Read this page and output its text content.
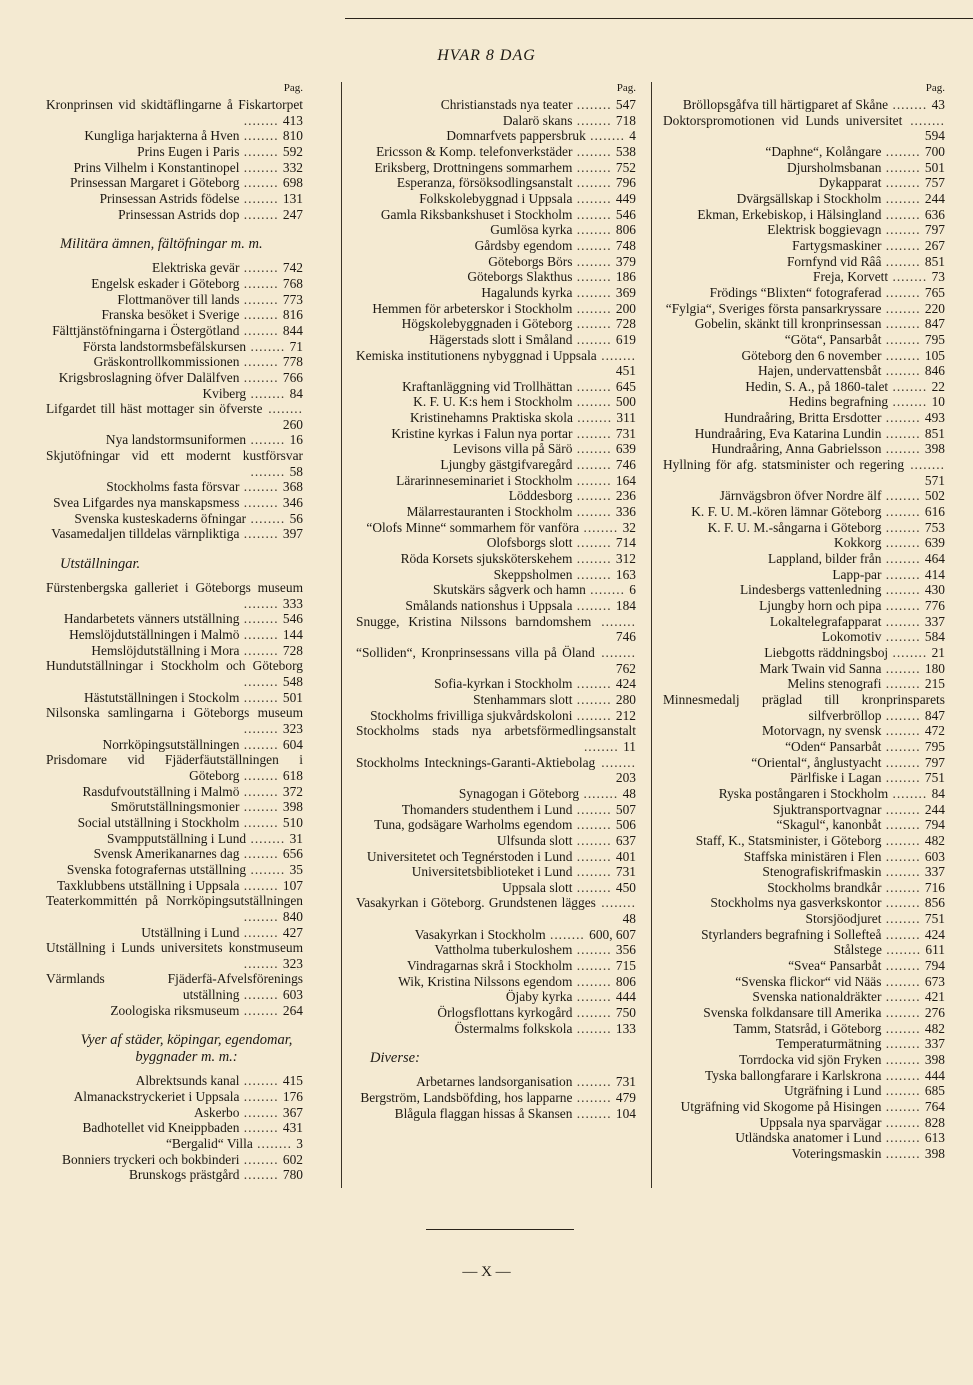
HVAR 8 DAG
Pag.
Kronprinsen vid skidtäflingarne å Fiskartorpet ........ 413
Kungliga harjakterna å Hven ........ 810
Prins Eugen i Paris ........ 592
Prins Vilhelm i Konstantinopel ........ 332
Prinsessan Margaret i Göteborg ........ 698
Prinsessan Astrids födelse ........ 131
Prinsessan Astrids dop ........ 247
Militära ämnen, fältöfningar m. m.
Elektriska gevär ........ 742
Engelsk eskader i Göteborg ........ 768
Flottmanöver till lands ........ 773
Franska besöket i Sverige ........ 816
Fälttjänstöfningarna i Östergötland ........ 844
Första landstormsbefälskursen ........ 71
Gräskontrollkommissionen ........ 778
Krigsbroslagning öfver Dalälfven ........ 766
Kviberg ........ 84
Lifgardet till häst mottager sin öfverste ........ 260
Nya landstormsuniformen ........ 16
Skjutöfningar vid ett modernt kustförsvar ........ 58
Stockholms fasta försvar ........ 368
Svea Lifgardes nya manskapsmess ........ 346
Svenska kusteskaderns öfningar ........ 56
Vasamedaljen tilldelas värnpliktiga ........ 397
Utställningar.
Fürstenbergska galleriet i Göteborgs museum ........ 333
Handarbetets vänners utställning ........ 546
Hemslöjdutställningen i Malmö ........ 144
Hemslöjdutställning i Mora ........ 728
Hundutställningar i Stockholm och Göteborg ........ 548
Hästutställningen i Stockolm ........ 501
Nilsonska samlingarna i Göteborgs museum ........ 323
Norrköpingsutställningen ........ 604
Prisdomare vid Fjäderfäutställningen i Göteborg ........ 618
Rasdufvoutställning i Malmö ........ 372
Smörutställningsmonier ........ 398
Social utställning i Stockholm ........ 510
Svampputställning i Lund ........ 31
Svensk Amerikanarnes dag ........ 656
Svenska fotografernas utställning ........ 35
Taxklubbens utställning i Uppsala ........ 107
Teaterkommittén på Norrköpingsutställningen ........ 840
Utställning i Lund ........ 427
Utställning i Lunds universitets konstmuseum ........ 323
Värmlands Fjäderfä-Afvelsförenings utställning ........ 603
Zoologiska riksmuseum ........ 264
Vyer af städer, köpingar, egendomar, byggnader m. m.:
Albrektsunds kanal ........ 415
Almanackstryckeriet i Uppsala ........ 176
Askerbo ........ 367
Badhotellet vid Kneippbaden ........ 431
“Bergalid“ Villa ........ 3
Bonniers tryckeri och bokbinderi ........ 602
Brunskogs prästgård ........ 780
Pag.
Christianstads nya teater ........ 547
Dalarö skans ........ 718
Domnarfvets pappersbruk ........ 4
Ericsson & Komp. telefonverkstäder ........ 538
Eriksberg, Drottningens sommarhem ........ 752
Esperanza, försöksodlingsanstalt ........ 796
Folkskolebyggnad i Uppsala ........ 449
Gamla Riksbankshuset i Stockholm ........ 546
Gumlösa kyrka ........ 806
Gårdsby egendom ........ 748
Göteborgs Börs ........ 379
Göteborgs Slakthus ........ 186
Hagalunds kyrka ........ 369
Hemmen för arbeterskor i Stockholm ........ 200
Högskolebyggnaden i Göteborg ........ 728
Hägerstads slott i Småland ........ 619
Kemiska institutionens nybyggnad i Uppsala ........ 451
Kraftanläggning vid Trollhättan ........ 645
K. F. U. K:s hem i Stockholm ........ 500
Kristinehamns Praktiska skola ........ 311
Kristine kyrkas i Falun nya portar ........ 731
Levisons villa på Särö ........ 639
Ljungby gästgifvaregård ........ 746
Lärarinneseminariet i Stockholm ........ 164
Löddesborg ........ 236
Mälarrestauranten i Stockholm ........ 336
“Olofs Minne“ sommarhem för vanföra ........ 32
Olofsborgs slott ........ 714
Röda Korsets sjuksköterskehem ........ 312
Skeppsholmen ........ 163
Skutskärs sågverk och hamn ........ 6
Smålands nationshus i Uppsala ........ 184
Snugge, Kristina Nilssons barndomshem ........ 746
“Solliden“, Kronprinsessans villa på Öland ........ 762
Sofia-kyrkan i Stockholm ........ 424
Stenhammars slott ........ 280
Stockholms frivilliga sjukvårdskoloni ........ 212
Stockholms stads nya arbetsförmedlingsanstalt ........ 11
Stockholms Intecknings-Garanti-Aktiebolag ........ 203
Synagogan i Göteborg ........ 48
Thomanders studenthem i Lund ........ 507
Tuna, godsägare Warholms egendom ........ 506
Ulfsunda slott ........ 637
Universitetet och Tegnérstoden i Lund ........ 401
Universitetsbiblioteket i Lund ........ 731
Uppsala slott ........ 450
Vasakyrkan i Göteborg. Grundstenen lägges ........ 48
Vasakyrkan i Stockholm ........ 600, 607
Vattholma tuberkuloshem ........ 356
Vindragarnas skrå i Stockholm ........ 715
Wik, Kristina Nilssons egendom ........ 806
Öjaby kyrka ........ 444
Örlogsflottans kyrkogård ........ 750
Östermalms folkskola ........ 133
Diverse:
Arbetarnes landsorganisation ........ 731
Bergström, Landsböfding, hos lapparne ........ 479
Blågula flaggan hissas å Skansen ........ 104
Pag.
Bröllopsgåfva till härtigparet af Skåne ........ 43
Doktorspromotionen vid Lunds universitet ........ 594
“Daphne“, Kolångare ........ 700
Djursholmsbanan ........ 501
Dykapparat ........ 757
Dvärgsällskap i Stockholm ........ 244
Ekman, Erkebiskop, i Hälsingland ........ 636
Elektrisk boggievagn ........ 797
Fartygsmaskiner ........ 267
Fornfynd vid Rââ ........ 851
Freja, Korvett ........ 73
Frödings “Blixten“ fotograferad ........ 765
“Fylgia“, Sveriges första pansarkryssare ........ 220
Gobelin, skänkt till kronprinsessan ........ 847
“Göta“, Pansarbåt ........ 795
Göteborg den 6 november ........ 105
Hajen, undervattensbåt ........ 846
Hedin, S. A., på 1860-talet ........ 22
Hedins begrafning ........ 10
Hundraåring, Britta Ersdotter ........ 493
Hundraåring, Eva Katarina Lundin ........ 851
Hundraåring, Anna Gabrielsson ........ 398
Hyllning för afg. statsminister och regering ........ 571
Järnvägsbron öfver Nordre älf ........ 502
K. F. U. M.-kören lämnar Göteborg ........ 616
K. F. U. M.-sångarna i Göteborg ........ 753
Kokkorg ........ 639
Lappland, bilder från ........ 464
Lapp-par ........ 414
Lindesbergs vattenledning ........ 430
Ljungby horn och pipa ........ 776
Lokaltelegrafapparat ........ 337
Lokomotiv ........ 584
Liebgotts räddningsboj ........ 21
Mark Twain vid Sanna ........ 180
Melins stenografi ........ 215
Minnesmedalj präglad till kronprinsparets silfverbröllop ........ 847
Motorvagn, ny svensk ........ 472
“Oden“ Pansarbåt ........ 795
“Oriental“, ånglustyacht ........ 797
Pärlfiske i Lagan ........ 751
Ryska postångaren i Stockholm ........ 84
Sjuktransportvagnar ........ 244
“Skagul“, kanonbåt ........ 794
Staff, K., Statsminister, i Göteborg ........ 482
Staffska ministären i Flen ........ 603
Stenografiskrifmaskin ........ 337
Stockholms brandkår ........ 716
Stockholms nya gasverkskontor ........ 856
Storsjöodjuret ........ 751
Styrlanders begrafning i Sollefteå ........ 424
Stålstege ........ 611
“Svea“ Pansarbåt ........ 794
“Svenska flickor“ vid Nääs ........ 673
Svenska nationaldräkter ........ 421
Svenska folkdansare till Amerika ........ 276
Tamm, Statsråd, i Göteborg ........ 482
Temperaturmätning ........ 337
Torrdocka vid sjön Fryken ........ 398
Tyska ballongfarare i Karlskrona ........ 444
Utgräfning i Lund ........ 685
Utgräfning vid Skogome på Hisingen ........ 764
Uppsala nya sparvägar ........ 828
Utländska anatomer i Lund ........ 613
Voteringsmaskin ........ 398
— X —
